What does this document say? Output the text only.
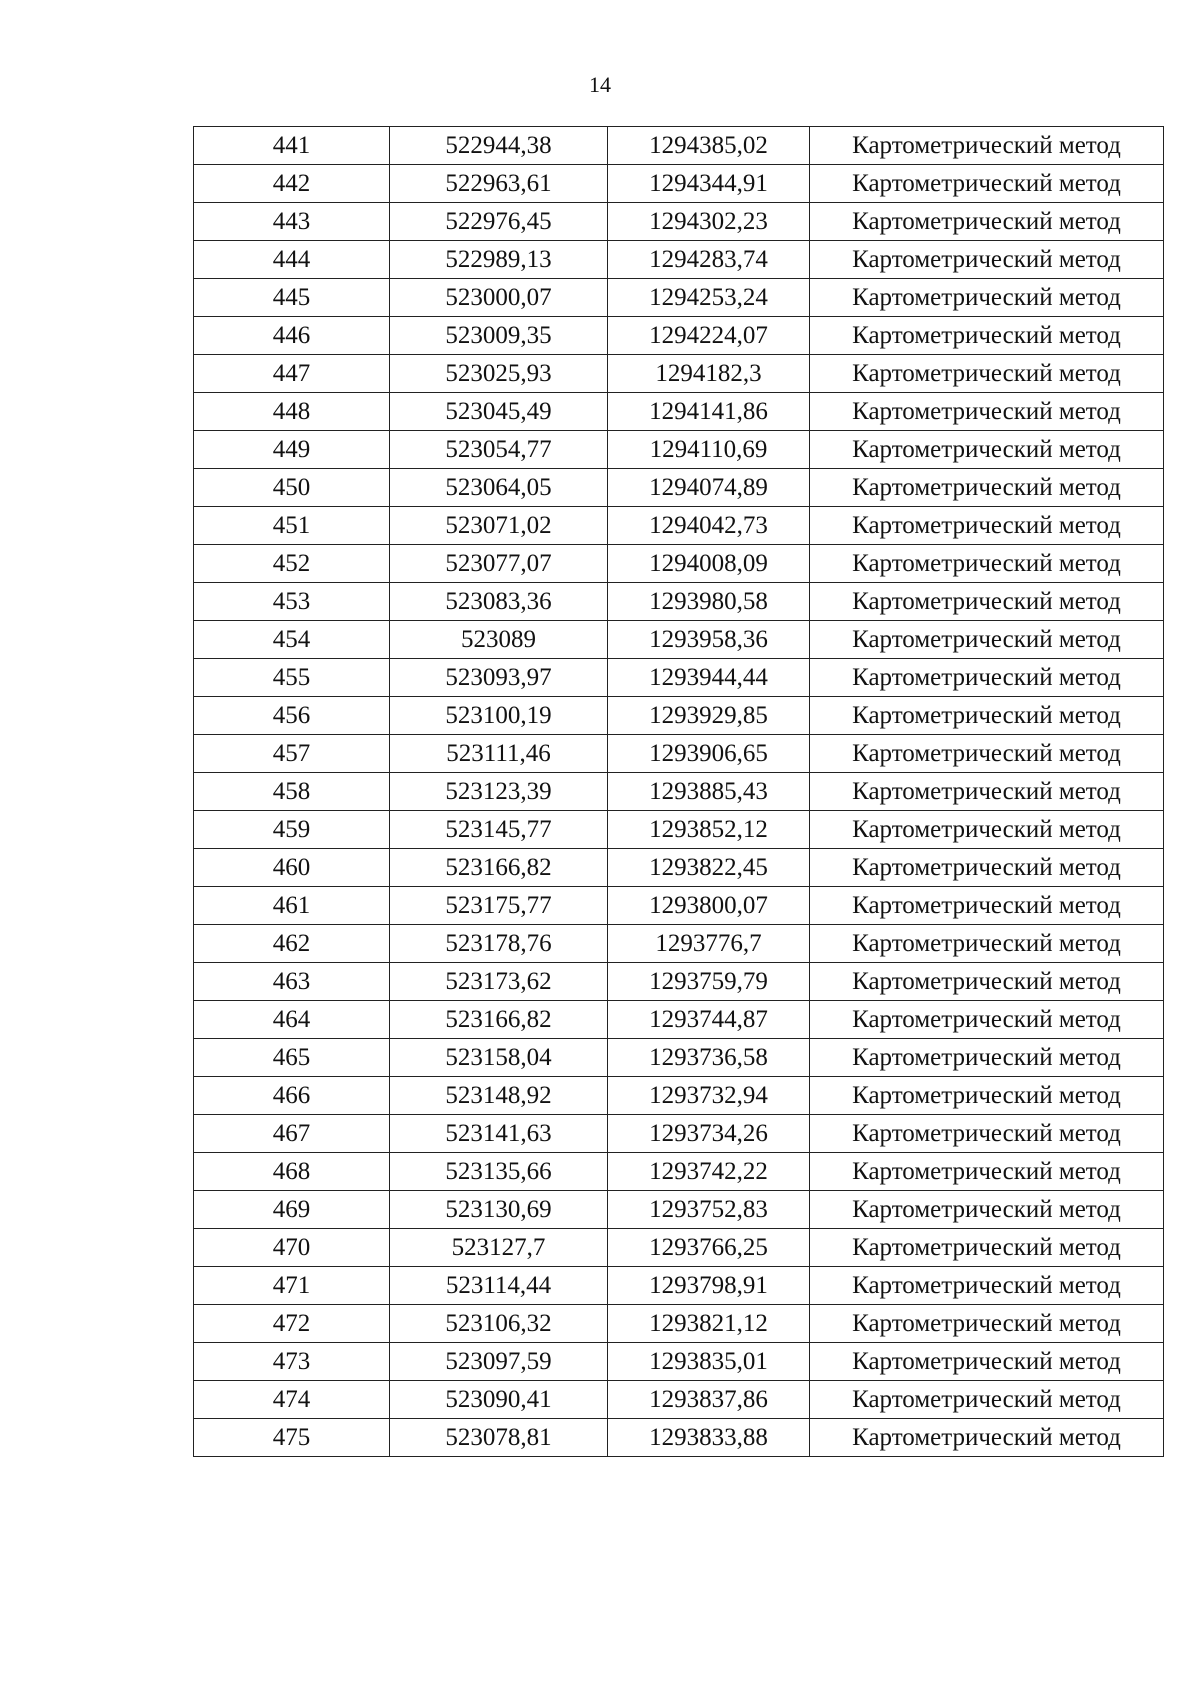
14
441	522944,38	1294385,02	Картометрический метод
442	522963,61	1294344,91	Картометрический метод
443	522976,45	1294302,23	Картометрический метод
444	522989,13	1294283,74	Картометрический метод
445	523000,07	1294253,24	Картометрический метод
446	523009,35	1294224,07	Картометрический метод
447	523025,93	1294182,3	Картометрический метод
448	523045,49	1294141,86	Картометрический метод
449	523054,77	1294110,69	Картометрический метод
450	523064,05	1294074,89	Картометрический метод
451	523071,02	1294042,73	Картометрический метод
452	523077,07	1294008,09	Картометрический метод
453	523083,36	1293980,58	Картометрический метод
454	523089	1293958,36	Картометрический метод
455	523093,97	1293944,44	Картометрический метод
456	523100,19	1293929,85	Картометрический метод
457	523111,46	1293906,65	Картометрический метод
458	523123,39	1293885,43	Картометрический метод
459	523145,77	1293852,12	Картометрический метод
460	523166,82	1293822,45	Картометрический метод
461	523175,77	1293800,07	Картометрический метод
462	523178,76	1293776,7	Картометрический метод
463	523173,62	1293759,79	Картометрический метод
464	523166,82	1293744,87	Картометрический метод
465	523158,04	1293736,58	Картометрический метод
466	523148,92	1293732,94	Картометрический метод
467	523141,63	1293734,26	Картометрический метод
468	523135,66	1293742,22	Картометрический метод
469	523130,69	1293752,83	Картометрический метод
470	523127,7	1293766,25	Картометрический метод
471	523114,44	1293798,91	Картометрический метод
472	523106,32	1293821,12	Картометрический метод
473	523097,59	1293835,01	Картометрический метод
474	523090,41	1293837,86	Картометрический метод
475	523078,81	1293833,88	Картометрический метод
